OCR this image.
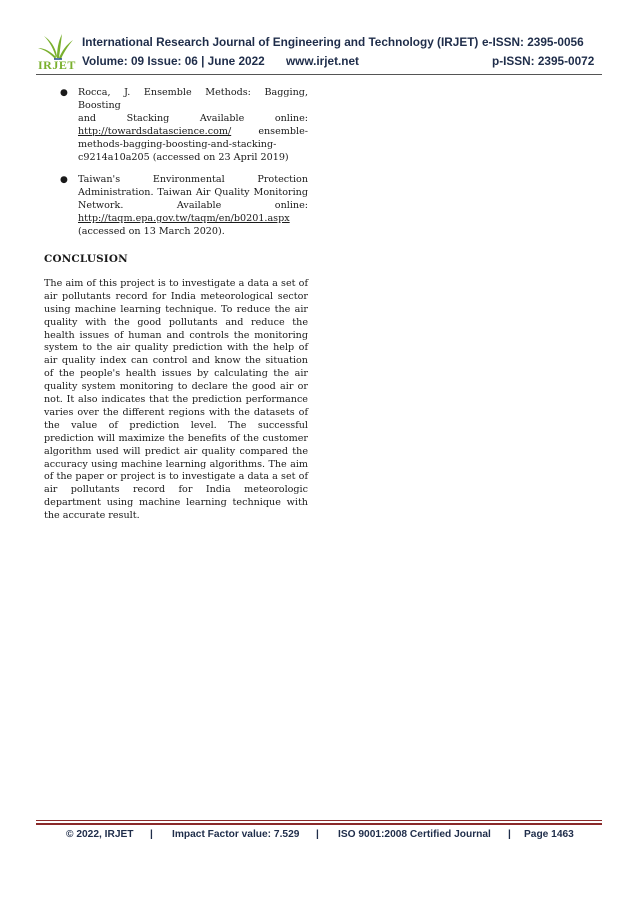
IRJET
International Research Journal of Engineering and Technology (IRJET) e-ISSN: 2395-0056
Volume: 09 Issue: 06 | June 2022 www.irjet.net	p-ISSN: 2395-0072
● Rocca, J. Ensemble Methods: Bagging, Boosting
and Stacking Available online:
http://towardsdatascience.com/	ensemble-
methods-bagging-boosting-and-stacking-
c9214a10a205 (accessed on 23 April 2019)
● Taiwan's Environmental Protection
Administration. Taiwan Air Quality Monitoring
Network. Available online:
http://taqm.epa.gov.tw/taqm/en/b0201.aspx
(accessed on 13 March 2020).
CONCLUSION

The aim of this project is to investigate a data a set of air pollutants record for India meteorological sector using machine learning technique. To reduce the air quality with the good pollutants and reduce the health issues of human and controls the monitoring system to the air quality prediction with the help of air quality index can control and know the situation of the people's health issues by calculating the air quality system monitoring to declare the good air or not. It also indicates that the prediction performance varies over the different regions with the datasets of the value of prediction level. The successful prediction will maximize the benefits of the customer algorithm used will predict air quality compared the accuracy using machine learning algorithms. The aim of the paper or project is to investigate a data a set of air pollutants record for India meteorologic department using machine learning technique with the accurate result.

© 2022, IRJET | Impact Factor value: 7.529 | ISO 9001:2008 Certified Journal | Page 1463
